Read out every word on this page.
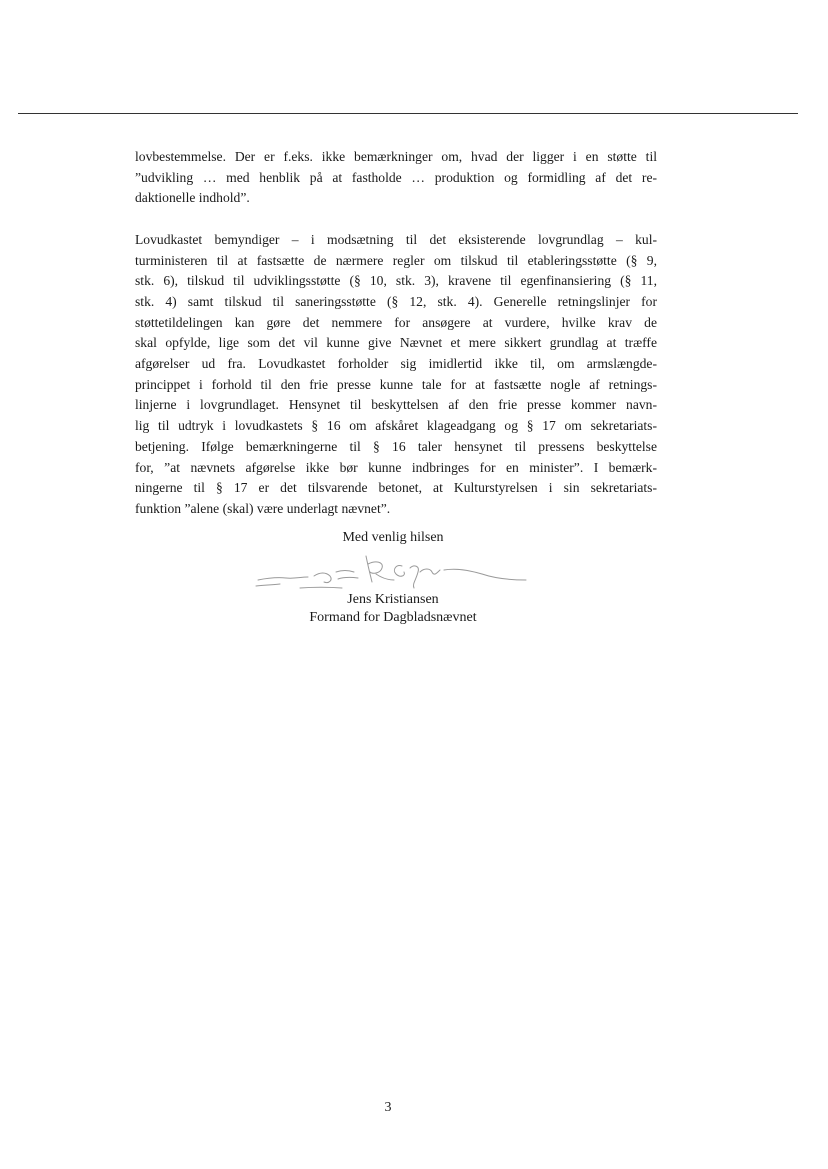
lovbestemmelse. Der er f.eks. ikke bemærkninger om, hvad der ligger i en støtte til
”udvikling … med henblik på at fastholde … produktion og formidling af det re-
daktionelle indhold”.

Lovudkastet bemyndiger – i modsætning til det eksisterende lovgrundlag – kul-
turministeren til at fastsætte de nærmere regler om tilskud til etableringsstøtte (§ 9,
stk. 6), tilskud til udviklingsstøtte (§ 10, stk. 3), kravene til egenfinansiering (§ 11,
stk. 4) samt tilskud til saneringsstøtte (§ 12, stk. 4). Generelle retningslinjer for
støttetildelingen kan gøre det nemmere for ansøgere at vurdere, hvilke krav de
skal opfylde, lige som det vil kunne give Nævnet et mere sikkert grundlag at træffe
afgørelser ud fra. Lovudkastet forholder sig imidlertid ikke til, om armslængde-
princippet i forhold til den frie presse kunne tale for at fastsætte nogle af retnings-
linjerne i lovgrundlaget. Hensynet til beskyttelsen af den frie presse kommer navn-
lig til udtryk i lovudkastets § 16 om afskåret klageadgang og § 17 om sekretariats-
betjening. Ifølge bemærkningerne til § 16 taler hensynet til pressens beskyttelse
for, ”at nævnets afgørelse ikke bør kunne indbringes for en minister”. I bemærk-
ningerne til § 17 er det tilsvarende betonet, at Kulturstyrelsen i sin sekretariats-
funktion ”alene (skal) være underlagt nævnet”.

Med venlig hilsen
Jens Kristiansen
Formand for Dagbladsnævnet
3
